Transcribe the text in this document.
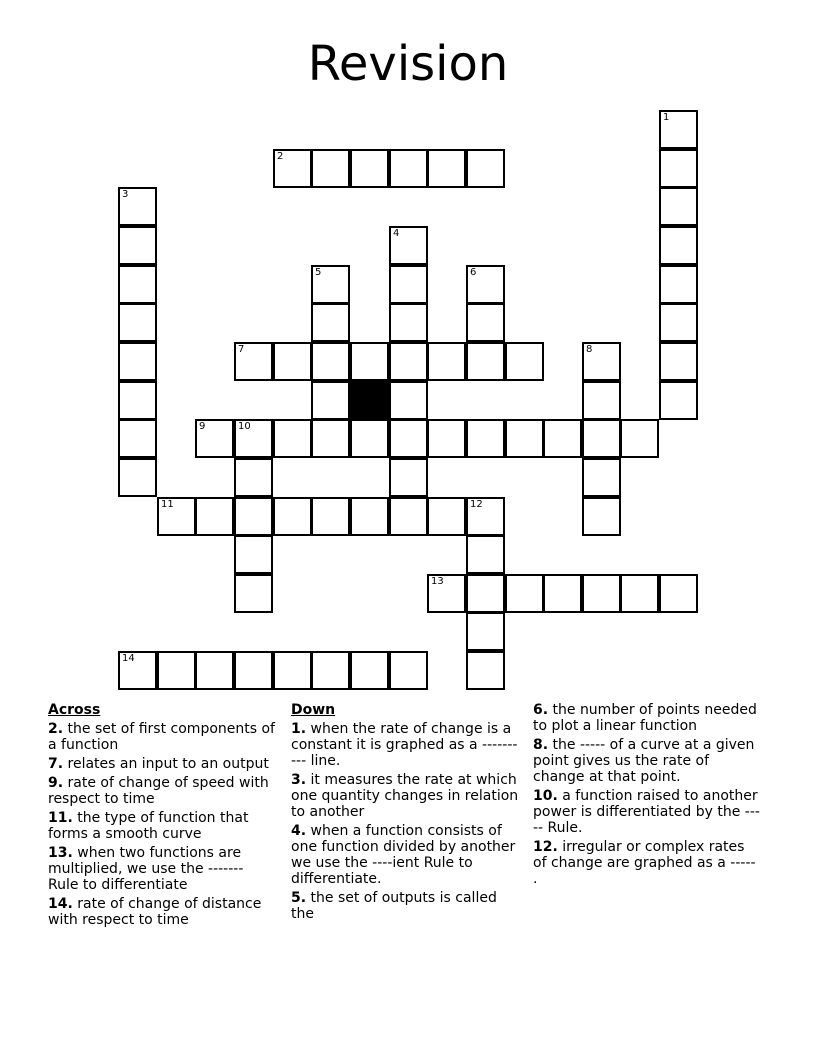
Revision
1
2
3
4
5	6
7	8
9	10
11	12
13
14
Across
2. the set of first components of a function
7. relates an input to an output
9. rate of change of speed with respect to time
11. the type of function that forms a smooth curve
13. when two functions are multiplied, we use the ------- Rule to differentiate
14. rate of change of distance with respect to time
Down
1. when the rate of change is a constant it is graphed as a ---------- line.
3. it measures the rate at which one quantity changes in relation to another
4. when a function consists of one function divided by another we use the ----ient Rule to differentiate.
5. the set of outputs is called the
6. the number of points needed to plot a linear function
8. the ----- of a curve at a given point gives us the rate of change at that point.
10. a function raised to another power is differentiated by the ----- Rule.
12. irregular or complex rates of change are graphed as a ----- .
